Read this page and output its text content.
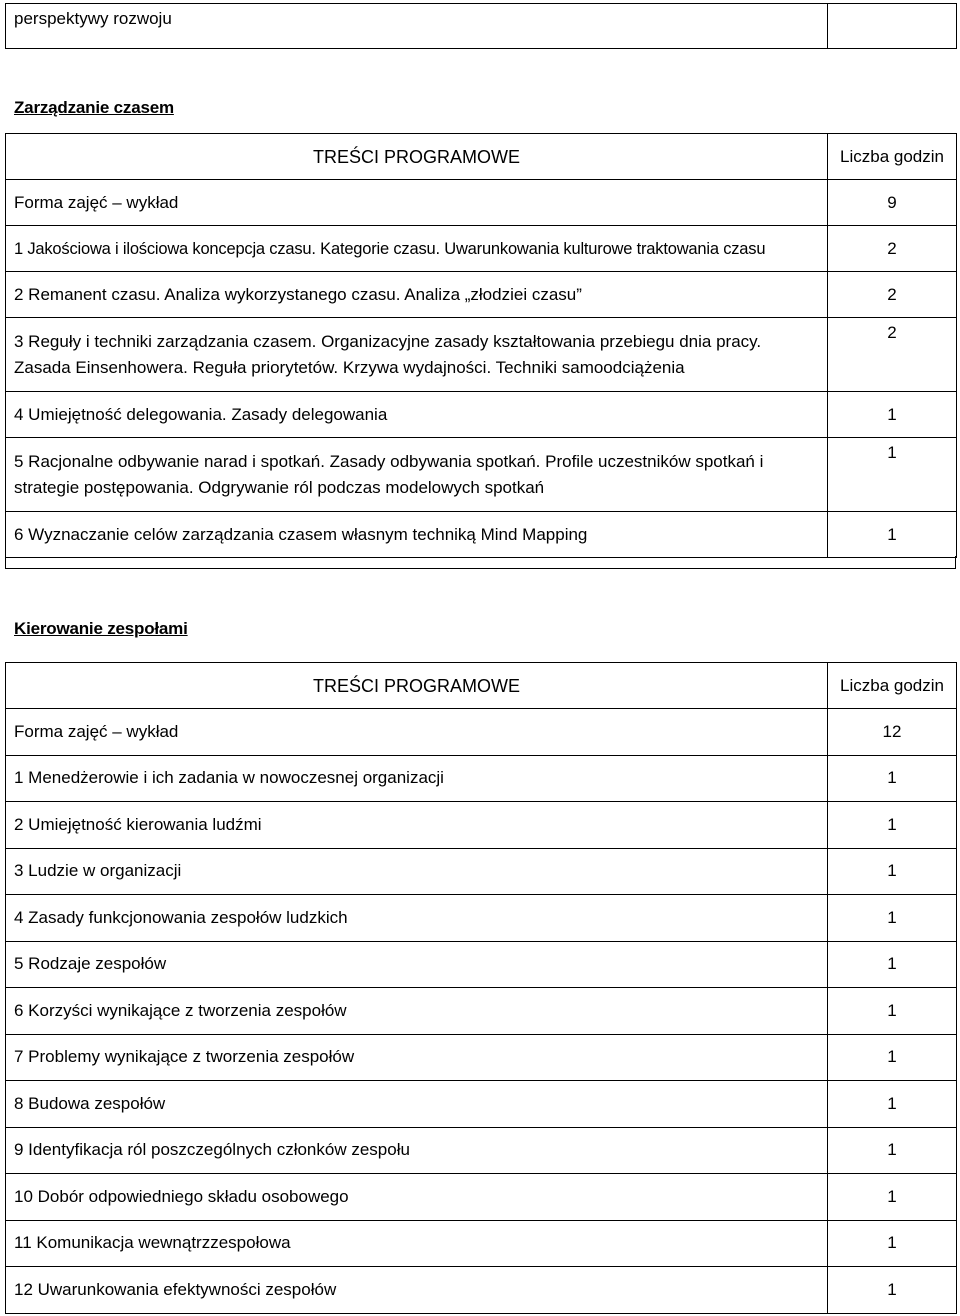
perspektywy rozwoju	
Zarządzanie czasem
TREŚCI PROGRAMOWE	Liczba godzin
Forma zajęć – wykład	9
1 Jakościowa i ilościowa koncepcja czasu. Kategorie czasu. Uwarunkowania kulturowe traktowania czasu	2
2 Remanent czasu. Analiza wykorzystanego czasu. Analiza „złodziei czasu”	2
3 Reguły i techniki zarządzania czasem. Organizacyjne zasady kształtowania przebiegu dnia pracy. Zasada Einsenhowera. Reguła priorytetów. Krzywa wydajności. Techniki samoodciążenia	2
4 Umiejętność delegowania. Zasady delegowania	1
5 Racjonalne odbywanie narad i spotkań. Zasady odbywania spotkań. Profile uczestników spotkań i strategie postępowania. Odgrywanie ról podczas modelowych spotkań	1
6 Wyznaczanie celów zarządzania czasem własnym techniką Mind Mapping	1
Kierowanie zespołami
TREŚCI PROGRAMOWE	Liczba godzin
Forma zajęć – wykład	12
1 Menedżerowie i ich zadania w nowoczesnej organizacji	1
2 Umiejętność kierowania ludźmi	1
3 Ludzie w organizacji	1
4 Zasady funkcjonowania zespołów ludzkich	1
5 Rodzaje zespołów	1
6 Korzyści wynikające z tworzenia zespołów	1
7 Problemy wynikające z tworzenia zespołów	1
8 Budowa zespołów	1
9 Identyfikacja ról poszczególnych członków zespołu	1
10 Dobór odpowiedniego składu osobowego	1
11 Komunikacja wewnątrzzespołowa	1
12 Uwarunkowania efektywności zespołów	1
